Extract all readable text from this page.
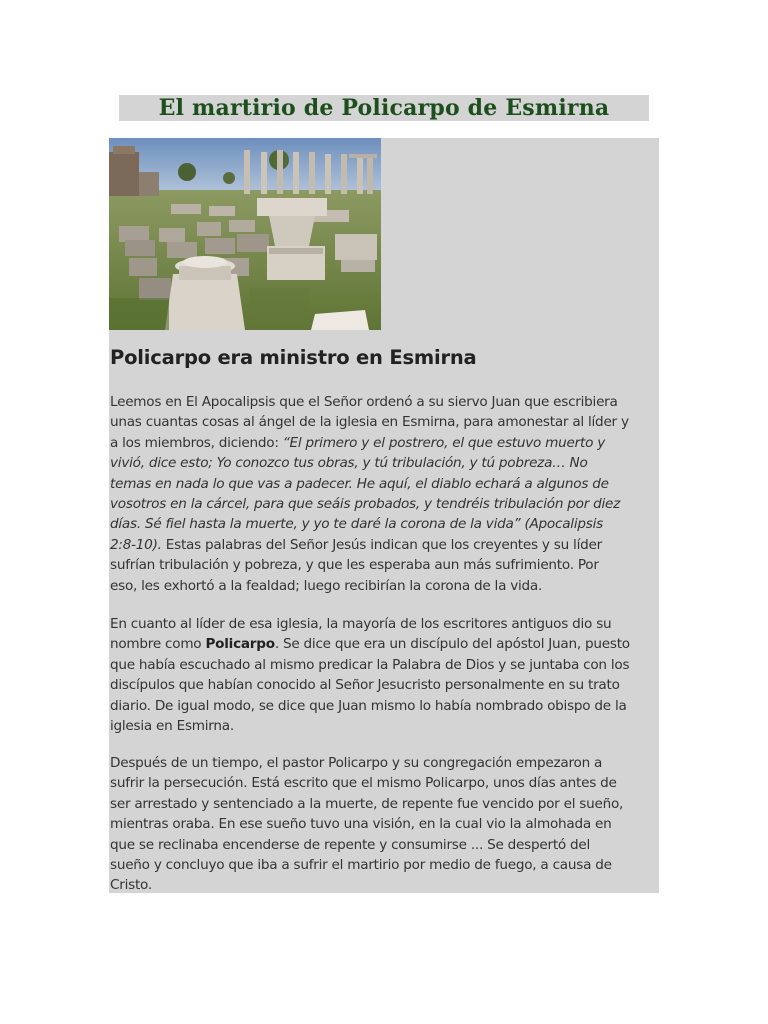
El martirio de Policarpo de Esmirna
Policarpo era ministro en Esmirna

Leemos en El Apocalipsis que el Señor ordenó a su siervo Juan que escribiera
unas cuantas cosas al ángel de la iglesia en Esmirna, para amonestar al líder y
a los miembros, diciendo: “El primero y el postrero, el que estuvo muerto y
vivió, dice esto; Yo conozco tus obras, y tú tribulación, y tú pobreza… No
temas en nada lo que vas a padecer. He aquí, el diablo echará a algunos de
vosotros en la cárcel, para que seáis probados, y tendréis tribulación por diez
días. Sé fiel hasta la muerte, y yo te daré la corona de la vida” (Apocalipsis
2:8-10). Estas palabras del Señor Jesús indican que los creyentes y su líder
sufrían tribulación y pobreza, y que les esperaba aun más sufrimiento. Por
eso, les exhortó a la fealdad; luego recibirían la corona de la vida.

En cuanto al líder de esa iglesia, la mayoría de los escritores antiguos dio su
nombre como Policarpo. Se dice que era un discípulo del apóstol Juan, puesto
que había escuchado al mismo predicar la Palabra de Dios y se juntaba con los
discípulos que habían conocido al Señor Jesucristo personalmente en su trato
diario. De igual modo, se dice que Juan mismo lo había nombrado obispo de la
iglesia en Esmirna.

Después de un tiempo, el pastor Policarpo y su congregación empezaron a
sufrir la persecución. Está escrito que el mismo Policarpo, unos días antes de
ser arrestado y sentenciado a la muerte, de repente fue vencido por el sueño,
mientras oraba. En ese sueño tuvo una visión, en la cual vio la almohada en
que se reclinaba encenderse de repente y consumirse ... Se despertó del
sueño y concluyo que iba a sufrir el martirio por medio de fuego, a causa de
Cristo.
